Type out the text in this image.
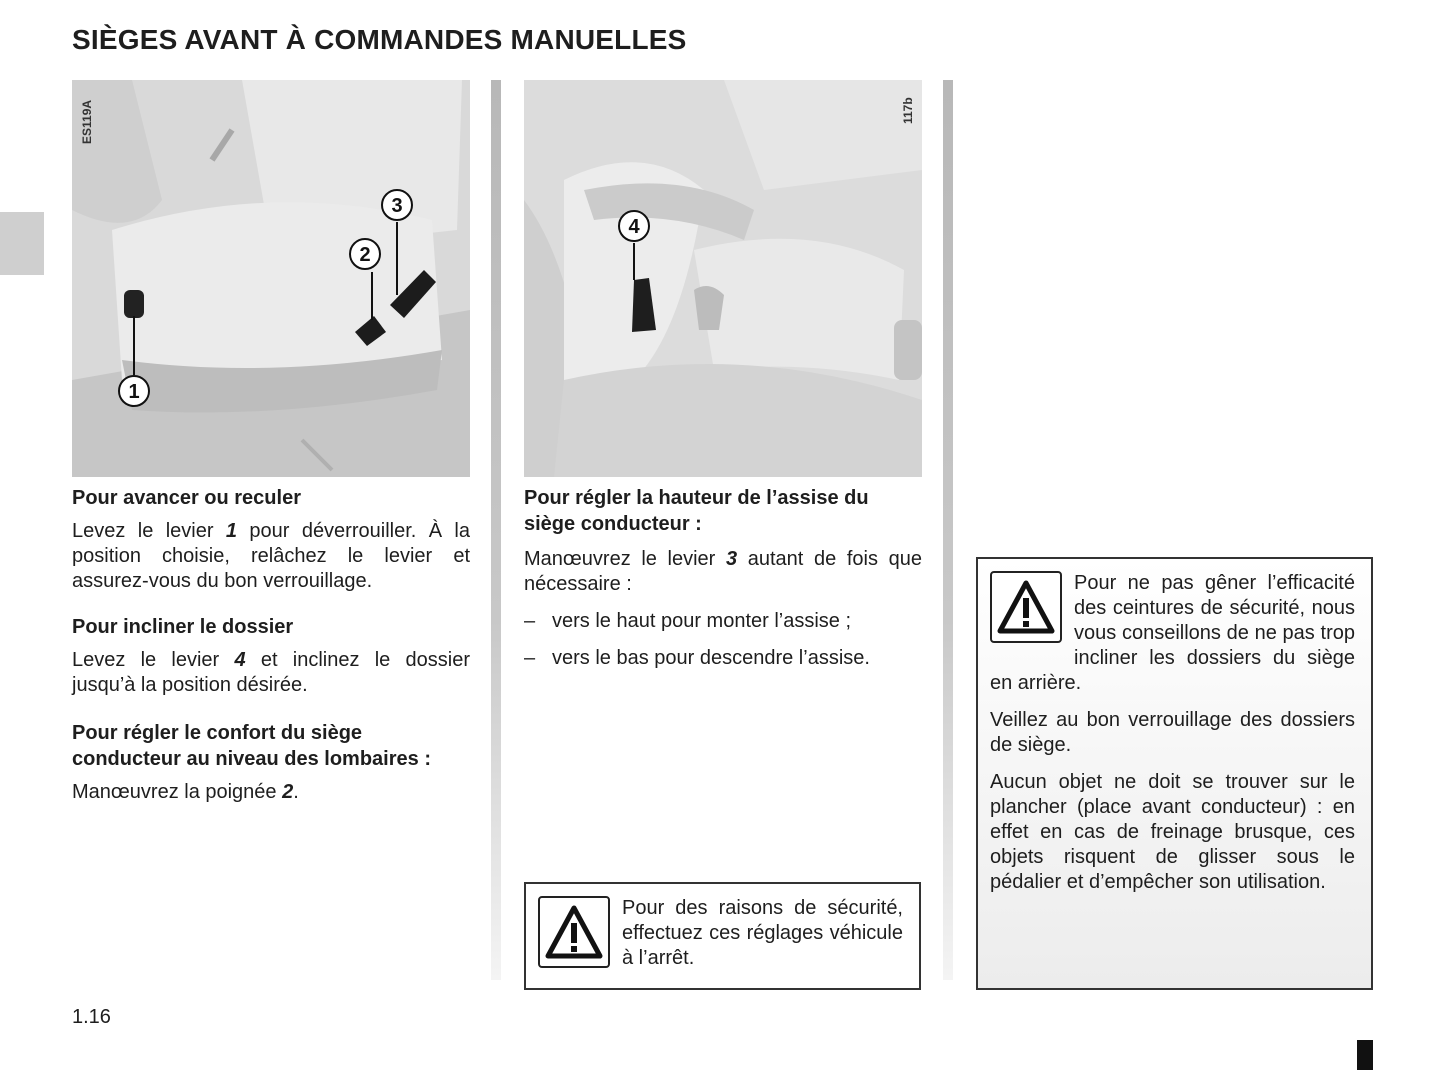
SIÈGES AVANT À COMMANDES MANUELLES
1
2
3
ES119A
Pour avancer ou reculer

Levez le levier 1 pour déverrouiller. À la position choisie, relâchez le levier et assurez-vous du bon verrouillage.

Pour incliner le dossier

Levez le levier 4 et inclinez le dossier jusqu’à la position désirée.

Pour régler le confort du siège conducteur au niveau des lombaires :

Manœuvrez la poignée 2.

4
117b
Pour régler la hauteur de l’assise du siège conducteur :

Manœuvrez le levier 3 autant de fois que nécessaire :

– vers le haut pour monter l’assise ;
– vers le bas pour descendre l’assise.

Pour des raisons de sécurité, effectuez ces réglages véhicule à l’arrêt.

Pour ne pas gêner l’efficacité des ceintures de sécurité, nous vous conseillons de ne pas trop incliner les dossiers du siège en arrière.

Veillez au bon verrouillage des dossiers de siège.

Aucun objet ne doit se trouver sur le plancher (place avant conducteur) : en effet en cas de freinage brusque, ces objets risquent de glisser sous le pédalier et d’empêcher son utilisation.

1.16
